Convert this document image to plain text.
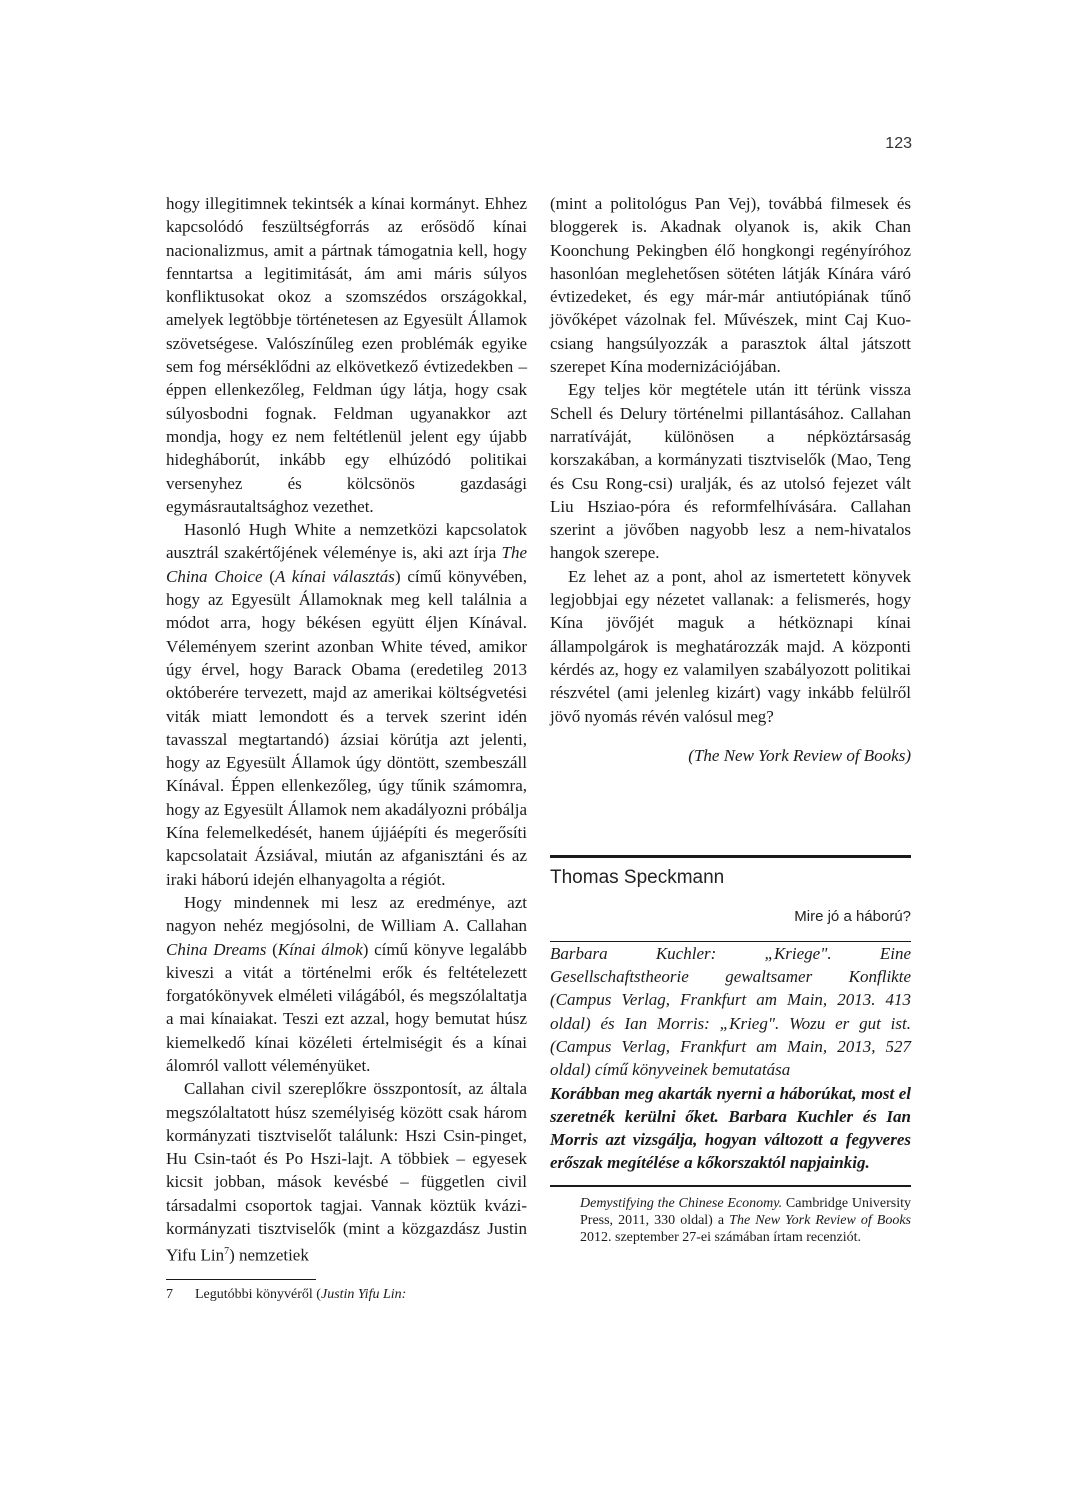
123

hogy illegitimnek tekintsék a kínai kormányt. Ehhez kapcsolódó feszültségforrás az erősödő kínai nacionalizmus, amit a pártnak támogatnia kell, hogy fenntartsa a legitimitását, ám ami máris súlyos konfliktusokat okoz a szomszédos országokkal, amelyek legtöbbje történetesen az Egyesült Államok szövetségese. Valószínűleg ezen problémák egyike sem fog mérséklődni az elkövetkező évtizedekben – éppen ellenkezőleg, Feldman úgy látja, hogy csak súlyosbodni fognak. Feldman ugyanakkor azt mondja, hogy ez nem feltétlenül jelent egy újabb hidegháborút, inkább egy elhúzódó politikai versenyhez és kölcsönös gazdasági egymásrautaltsághoz vezethet.

Hasonló Hugh White a nemzetközi kapcsolatok ausztrál szakértőjének véleménye is, aki azt írja The China Choice (A kínai választás) című könyvében, hogy az Egyesült Államoknak meg kell találnia a módot arra, hogy békésen együtt éljen Kínával. Véleményem szerint azonban White téved, amikor úgy érvel, hogy Barack Obama (eredetileg 2013 októberére tervezett, majd az amerikai költségvetési viták miatt lemondott és a tervek szerint idén tavasszal megtartandó) ázsiai körútja azt jelenti, hogy az Egyesült Államok úgy döntött, szembeszáll Kínával. Éppen ellenkezőleg, úgy tűnik számomra, hogy az Egyesült Államok nem akadályozni próbálja Kína felemelkedését, hanem újjáépíti és megerősíti kapcsolatait Ázsiával, miután az afganisztáni és az iraki háború idején elhanyagolta a régiót.

Hogy mindennek mi lesz az eredménye, azt nagyon nehéz megjósolni, de William A. Callahan China Dreams (Kínai álmok) című könyve legalább kiveszi a vitát a történelmi erők és feltételezett forgatókönyvek elméleti világából, és megszólaltatja a mai kínaiakat. Teszi ezt azzal, hogy bemutat húsz kiemelkedő kínai közéleti értelmiségit és a kínai álomról vallott véleményüket.

Callahan civil szereplőkre összpontosít, az általa megszólaltatott húsz személyiség között csak három kormányzati tisztviselőt találunk: Hszi Csin-pinget, Hu Csin-taót és Po Hszi-lajt. A többiek – egyesek kicsit jobban, mások kevésbé – független civil társadalmi csoportok tagjai. Vannak köztük kvázi-kormányzati tisztviselők (mint a közgazdász Justin Yifu Lin$^7$) nemzetiek

7 Legutóbbi könyvéről (Justin Yifu Lin:

(mint a politológus Pan Vej), továbbá filmesek és bloggerek is. Akadnak olyanok is, akik Chan Koonchung Pekingben élő hongkongi regényíróhoz hasonlóan meglehetősen sötéten látják Kínára váró évtizedeket, és egy már-már antiutópiának tűnő jövőképet vázolnak fel. Művészek, mint Caj Kuo-csiang hangsúlyozzák a parasztok által játszott szerepet Kína modernizációjában.

Egy teljes kör megtétele után itt térünk vissza Schell és Delury történelmi pillantásához. Callahan narratíváját, különösen a népköztársaság korszakában, a kormányzati tisztviselők (Mao, Teng és Csu Rong-csi) uralják, és az utolsó fejezet vált Liu Hsziao-póra és reformfelhívására. Callahan szerint a jövőben nagyobb lesz a nem-hivatalos hangok szerepe.

Ez lehet az a pont, ahol az ismertetett könyvek legjobbjai egy nézetet vallanak: a felismerés, hogy Kína jövőjét maguk a hétköznapi kínai állampolgárok is meghatározzák majd. A központi kérdés az, hogy ez valamilyen szabályozott politikai részvétel (ami jelenleg kizárt) vagy inkább felülről jövő nyomás révén valósul meg?

(The New York Review of Books)

Thomas Speckmann
Mire jó a háború?

Barbara Kuchler: „Kriege". Eine Gesellschaftstheorie gewaltsamer Konflikte (Campus Verlag, Frankfurt am Main, 2013. 413 oldal) és Ian Morris: „Krieg". Wozu er gut ist. (Campus Verlag, Frankfurt am Main, 2013, 527 oldal) című könyveinek bemutatása

Korábban meg akarták nyerni a háborúkat, most el szeretnék kerülni őket. Barbara Kuchler és Ian Morris azt vizsgálja, hogyan változott a fegyveres erőszak megítélése a kőkorszaktól napjainkig.

Demystifying the Chinese Economy. Cambridge University Press, 2011, 330 oldal) a The New York Review of Books 2012. szeptember 27-ei számában írtam recenziót.
